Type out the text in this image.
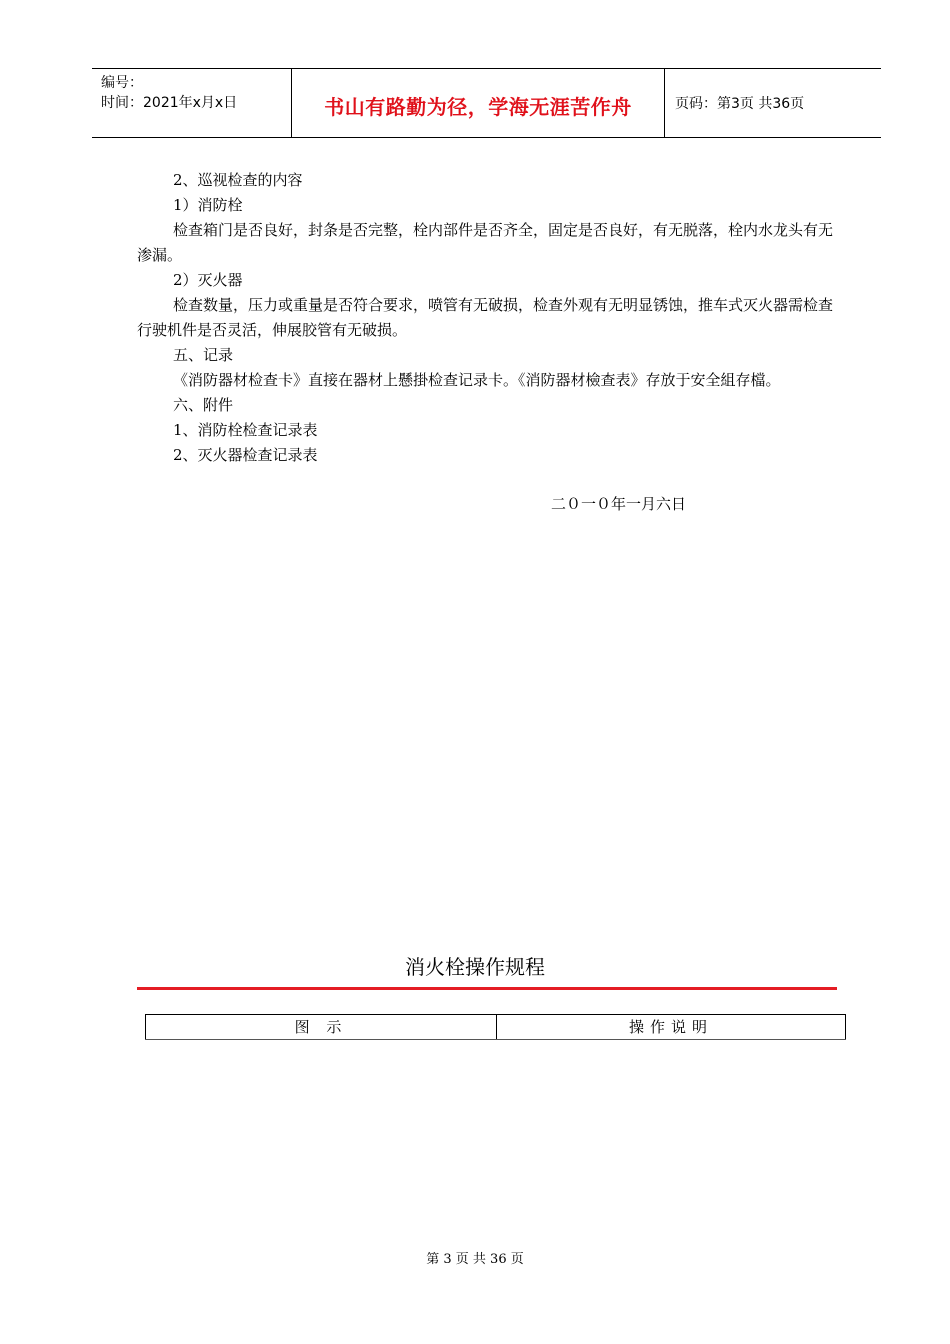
编号：
时间：2021年x月x日	书山有路勤为径，学海无涯苦作舟	页码：第3页 共36页

2、巡视检查的内容

1）消防栓

检查箱门是否良好，封条是否完整，栓内部件是否齐全，固定是否良好，有无脱落，栓内水龙头有无渗漏。

2）灭火器

检查数量，压力或重量是否符合要求，喷管有无破损，检查外观有无明显锈蚀，推车式灭火器需检查行驶机件是否灵活，伸展胶管有无破损。

五、记录

《消防器材检查卡》直接在器材上懸掛检查记录卡。《消防器材檢查表》存放于安全組存檔。

六、附件

1、消防栓检查记录表

2、灭火器检查记录表

二０一０年一月六日
消火栓操作规程
图 示	操作说明
第 3 页 共 36 页
